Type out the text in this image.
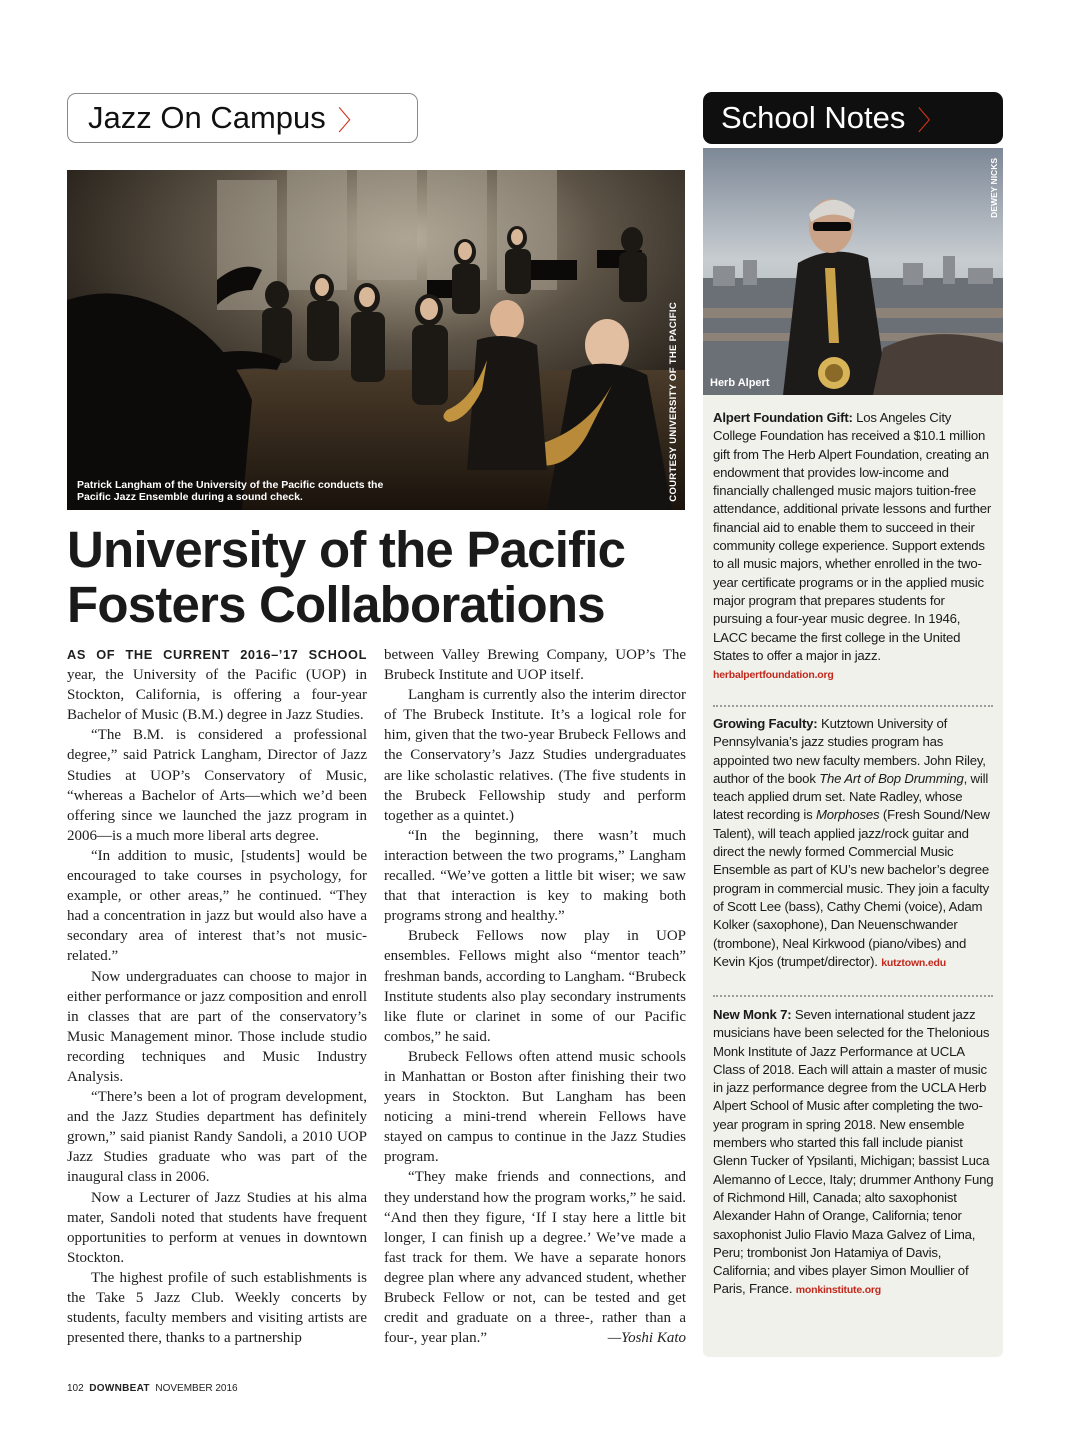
Jazz On Campus 〉	School Notes 〉
COURTESY UNIVERSITY OF THE PACIFIC
Patrick Langham of the University of the Pacific conducts the Pacific Jazz Ensemble during a sound check.
University of the Pacific Fosters Collaborations

AS OF THE CURRENT 2016–’17 SCHOOL year, the University of the Pacific (UOP) in Stockton, California, is offering a four-year Bachelor of Music (B.M.) degree in Jazz Studies.

“The B.M. is considered a professional degree,” said Patrick Langham, Director of Jazz Studies at UOP’s Conservatory of Music, “whereas a Bachelor of Arts—which we’d been offering since we launched the jazz program in 2006—is a much more liberal arts degree.

“In addition to music, [students] would be encouraged to take courses in psychology, for example, or other areas,” he continued. “They had a concentration in jazz but would also have a secondary area of interest that’s not music-related.”

Now undergraduates can choose to major in either performance or jazz composition and enroll in classes that are part of the conservatory’s Music Management minor. Those include studio recording techniques and Music Industry Analysis.

“There’s been a lot of program development, and the Jazz Studies department has definitely grown,” said pianist Randy Sandoli, a 2010 UOP Jazz Studies graduate who was part of the inaugural class in 2006.

Now a Lecturer of Jazz Studies at his alma mater, Sandoli noted that students have frequent opportunities to perform at venues in downtown Stockton.

The highest profile of such establishments is the Take 5 Jazz Club. Weekly concerts by students, faculty members and visiting artists are presented there, thanks to a partnership

between Valley Brewing Company, UOP’s The Brubeck Institute and UOP itself.

Langham is currently also the interim director of The Brubeck Institute. It’s a logical role for him, given that the two-year Brubeck Fellows and the Conservatory’s Jazz Studies undergraduates are like scholastic relatives. (The five students in the Brubeck Fellowship study and perform together as a quintet.)

“In the beginning, there wasn’t much interaction between the two programs,” Langham recalled. “We’ve gotten a little bit wiser; we saw that that interaction is key to making both programs strong and healthy.”

Brubeck Fellows now play in UOP ensembles. Fellows might also “mentor teach” freshman bands, according to Langham. “Brubeck Institute students also play secondary instruments like flute or clarinet in some of our Pacific combos,” he said.

Brubeck Fellows often attend music schools in Manhattan or Boston after finishing their two years in Stockton. But Langham has been noticing a mini-trend wherein Fellows have stayed on campus to continue in the Jazz Studies program.

“They make friends and connections, and they understand how the program works,” he said. “And then they figure, ‘If I stay here a little bit longer, I can finish up a degree.’ We’ve made a fast track for them. We have a separate honors degree plan where any advanced student, whether Brubeck Fellow or not, can be tested and get credit and graduate on a three-, rather than a four-, year plan.”	—Yoshi Kato

DEWEY NICKS
Herb Alpert
Alpert Foundation Gift: Los Angeles City College Foundation has received a $10.1 million gift from The Herb Alpert Foundation, creating an endowment that provides low-income and financially challenged music majors tuition-free attendance, additional private lessons and further financial aid to enable them to succeed in their community college experience. Support extends to all music majors, whether enrolled in the two-year certificate programs or in the applied music major program that prepares students for pursuing a four-year music degree. In 1946, LACC became the first college in the United States to offer a major in jazz.
herbalpertfoundation.org
Growing Faculty: Kutztown University of Pennsylvania’s jazz studies program has appointed two new faculty members. John Riley, author of the book The Art of Bop Drumming, will teach applied drum set. Nate Radley, whose latest recording is Morphoses (Fresh Sound/New Talent), will teach applied jazz/rock guitar and direct the newly formed Commercial Music Ensemble as part of KU’s new bachelor’s degree program in commercial music. They join a faculty of Scott Lee (bass), Cathy Chemi (voice), Adam Kolker (saxophone), Dan Neuenschwander (trombone), Neal Kirkwood (piano/vibes) and Kevin Kjos (trumpet/director). kutztown.edu
New Monk 7: Seven international student jazz musicians have been selected for the Thelonious Monk Institute of Jazz Performance at UCLA Class of 2018. Each will attain a master of music in jazz performance degree from the UCLA Herb Alpert School of Music after completing the two-year program in spring 2018. New ensemble members who started this fall include pianist Glenn Tucker of Ypsilanti, Michigan; bassist Luca Alemanno of Lecce, Italy; drummer Anthony Fung of Richmond Hill, Canada; alto saxophonist Alexander Hahn of Orange, California; tenor saxophonist Julio Flavio Maza Galvez of Lima, Peru; trombonist Jon Hatamiya of Davis, California; and vibes player Simon Moullier of Paris, France. monkinstitute.org
102 DOWNBEAT NOVEMBER 2016
